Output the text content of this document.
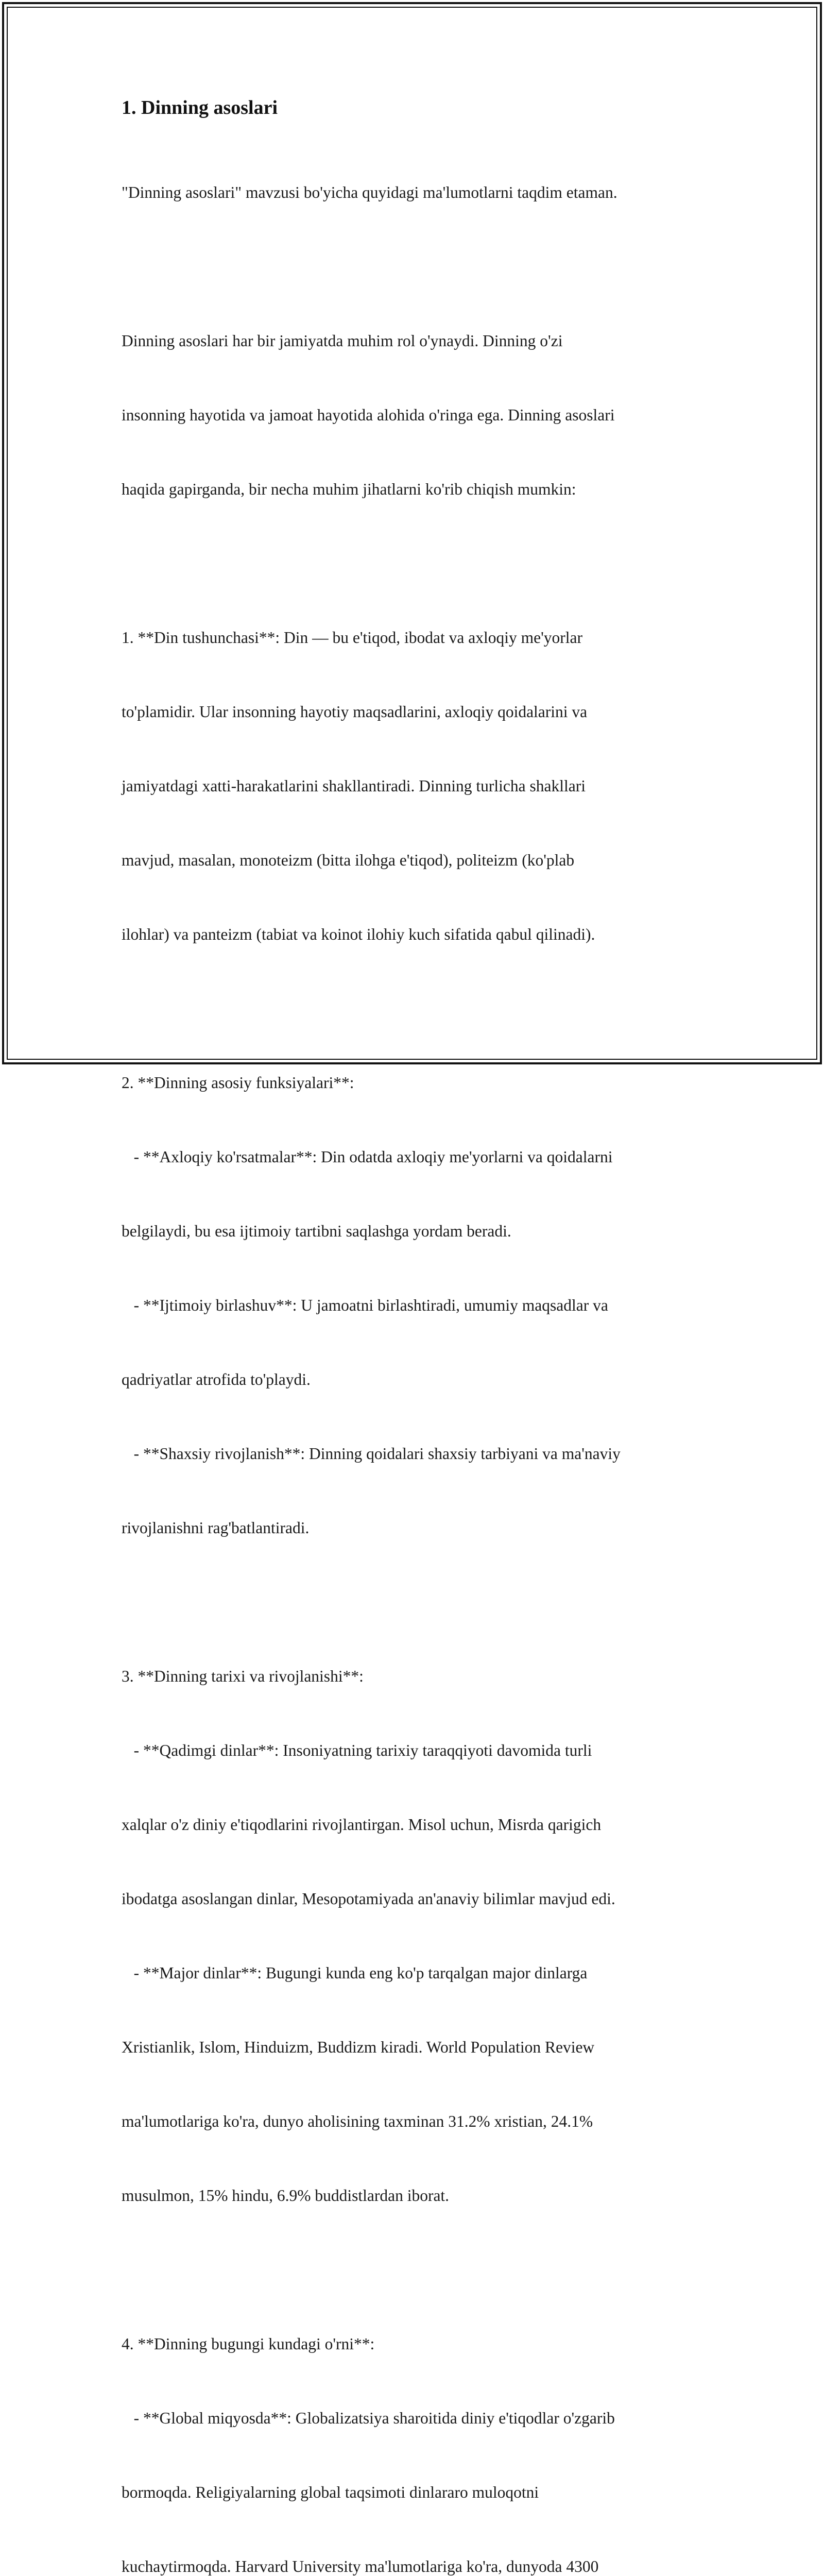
1. Dinning asoslari

"Dinning asoslari" mavzusi bo'yicha quyidagi ma'lumotlarni taqdim etaman.

Dinning asoslari har bir jamiyatda muhim rol o'ynaydi. Dinning o'zi

insonning hayotida va jamoat hayotida alohida o'ringa ega. Dinning asoslari

haqida gapirganda, bir necha muhim jihatlarni ko'rib chiqish mumkin:

1. **Din tushunchasi**: Din — bu e'tiqod, ibodat va axloqiy me'yorlar

to'plamidir. Ular insonning hayotiy maqsadlarini, axloqiy qoidalarini va

jamiyatdagi xatti-harakatlarini shakllantiradi. Dinning turlicha shakllari

mavjud, masalan, monoteizm (bitta ilohga e'tiqod), politeizm (ko'plab

ilohlar) va panteizm (tabiat va koinot ilohiy kuch sifatida qabul qilinadi).

2. **Dinning asosiy funksiyalari**:

- **Axloqiy ko'rsatmalar**: Din odatda axloqiy me'yorlarni va qoidalarni

belgilaydi, bu esa ijtimoiy tartibni saqlashga yordam beradi.

- **Ijtimoiy birlashuv**: U jamoatni birlashtiradi, umumiy maqsadlar va

qadriyatlar atrofida to'playdi.

- **Shaxsiy rivojlanish**: Dinning qoidalari shaxsiy tarbiyani va ma'naviy

rivojlanishni rag'batlantiradi.

3. **Dinning tarixi va rivojlanishi**:

- **Qadimgi dinlar**: Insoniyatning tarixiy taraqqiyoti davomida turli

xalqlar o'z diniy e'tiqodlarini rivojlantirgan. Misol uchun, Misrda qarigich

ibodatga asoslangan dinlar, Mesopotamiyada an'anaviy bilimlar mavjud edi.

- **Major dinlar**: Bugungi kunda eng ko'p tarqalgan major dinlarga

Xristianlik, Islom, Hinduizm, Buddizm kiradi. World Population Review

ma'lumotlariga ko'ra, dunyo aholisining taxminan 31.2% xristian, 24.1%

musulmon, 15% hindu, 6.9% buddistlardan iborat.

4. **Dinning bugungi kundagi o'rni**:

- **Global miqyosda**: Globalizatsiya sharoitida diniy e'tiqodlar o'zgarib

bormoqda. Religiyalarning global taqsimoti dinlararo muloqotni

kuchaytirmoqda. Harvard University ma'lumotlariga ko'ra, dunyoda 4300
